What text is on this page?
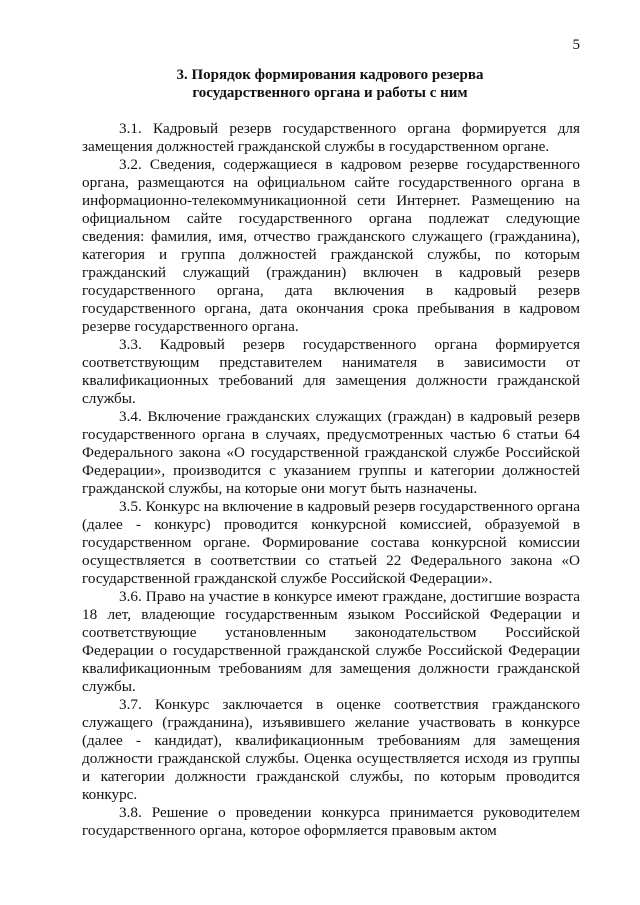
5
3. Порядок формирования кадрового резерва
государственного органа и работы с ним

3.1. Кадровый резерв государственного органа формируется для замещения должностей гражданской службы в государственном органе.

3.2. Сведения, содержащиеся в кадровом резерве государственного органа, размещаются на официальном сайте государственного органа в информационно-телекоммуникационной сети Интернет. Размещению на официальном сайте государственного органа подлежат следующие сведения: фамилия, имя, отчество гражданского служащего (гражданина), категория и группа должностей гражданской службы, по которым гражданский служащий (гражданин) включен в кадровый резерв государственного органа, дата включения в кадровый резерв государственного органа, дата окончания срока пребывания в кадровом резерве государственного органа.

3.3. Кадровый резерв государственного органа формируется соответствующим представителем нанимателя в зависимости от квалификационных требований для замещения должности гражданской службы.

3.4. Включение гражданских служащих (граждан) в кадровый резерв государственного органа в случаях, предусмотренных частью 6 статьи 64 Федерального закона «О государственной гражданской службе Российской Федерации», производится с указанием группы и категории должностей гражданской службы, на которые они могут быть назначены.

3.5. Конкурс на включение в кадровый резерв государственного органа (далее - конкурс) проводится конкурсной комиссией, образуемой в государственном органе. Формирование состава конкурсной комиссии осуществляется в соответствии со статьей 22 Федерального закона «О государственной гражданской службе Российской Федерации».

3.6. Право на участие в конкурсе имеют граждане, достигшие возраста 18 лет, владеющие государственным языком Российской Федерации и соответствующие установленным законодательством Российской Федерации о государственной гражданской службе Российской Федерации квалификационным требованиям для замещения должности гражданской службы.

3.7. Конкурс заключается в оценке соответствия гражданского служащего (гражданина), изъявившего желание участвовать в конкурсе (далее - кандидат), квалификационным требованиям для замещения должности гражданской службы. Оценка осуществляется исходя из группы и категории должности гражданской службы, по которым проводится конкурс.

3.8. Решение о проведении конкурса принимается руководителем государственного органа, которое оформляется правовым актом
